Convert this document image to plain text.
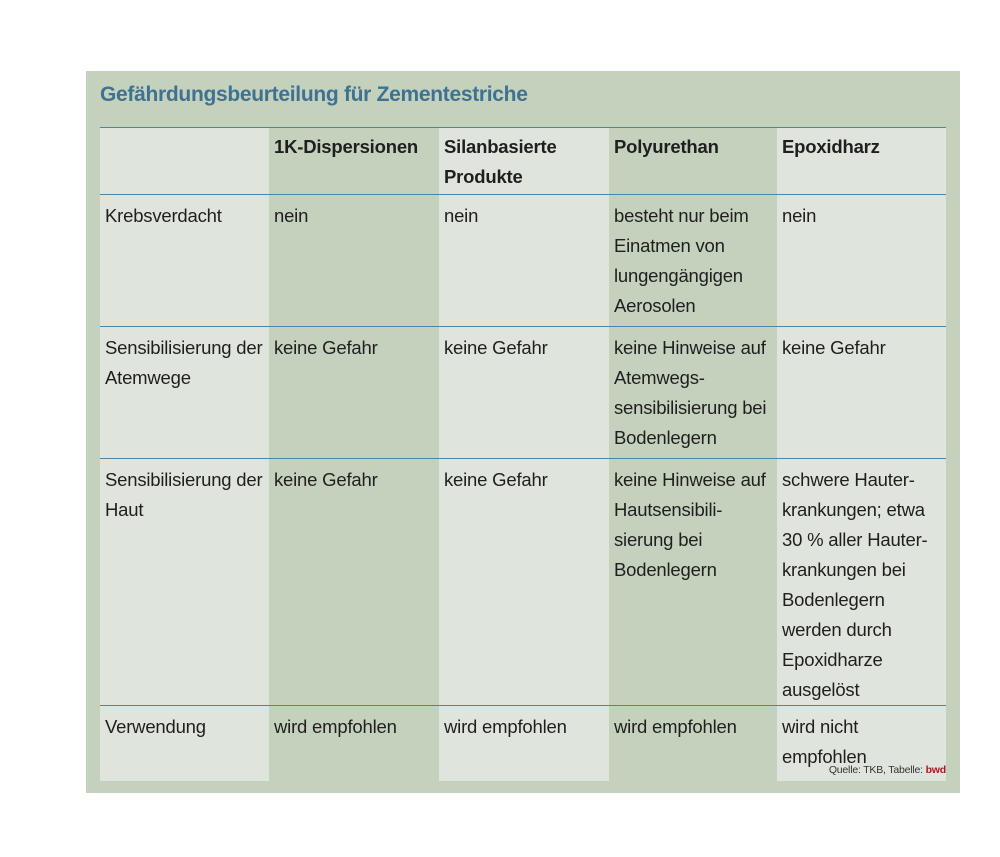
Gefährdungsbeurteilung für Zementestriche
	1K-Dispersionen	Silanbasierte Produkte	Polyurethan	Epoxidharz
Krebsverdacht	nein	nein	besteht nur beim Einatmen von lungengängigen Aerosolen	nein
Sensibilisierung der Atemwege	keine Gefahr	keine Gefahr	keine Hinweise auf Atemwegs-sensibilisierung bei Bodenlegern	keine Gefahr
Sensibilisierung der Haut	keine Gefahr	keine Gefahr	keine Hinweise auf Hautsensibili-sierung bei Bodenlegern	schwere Hauter-krankungen; etwa 30 % aller Hauter-krankungen bei Bodenlegern werden durch Epoxidharze ausgelöst
Verwendung	wird empfohlen	wird empfohlen	wird empfohlen	wird nicht empfohlen
Quelle: TKB, Tabelle: bwd
